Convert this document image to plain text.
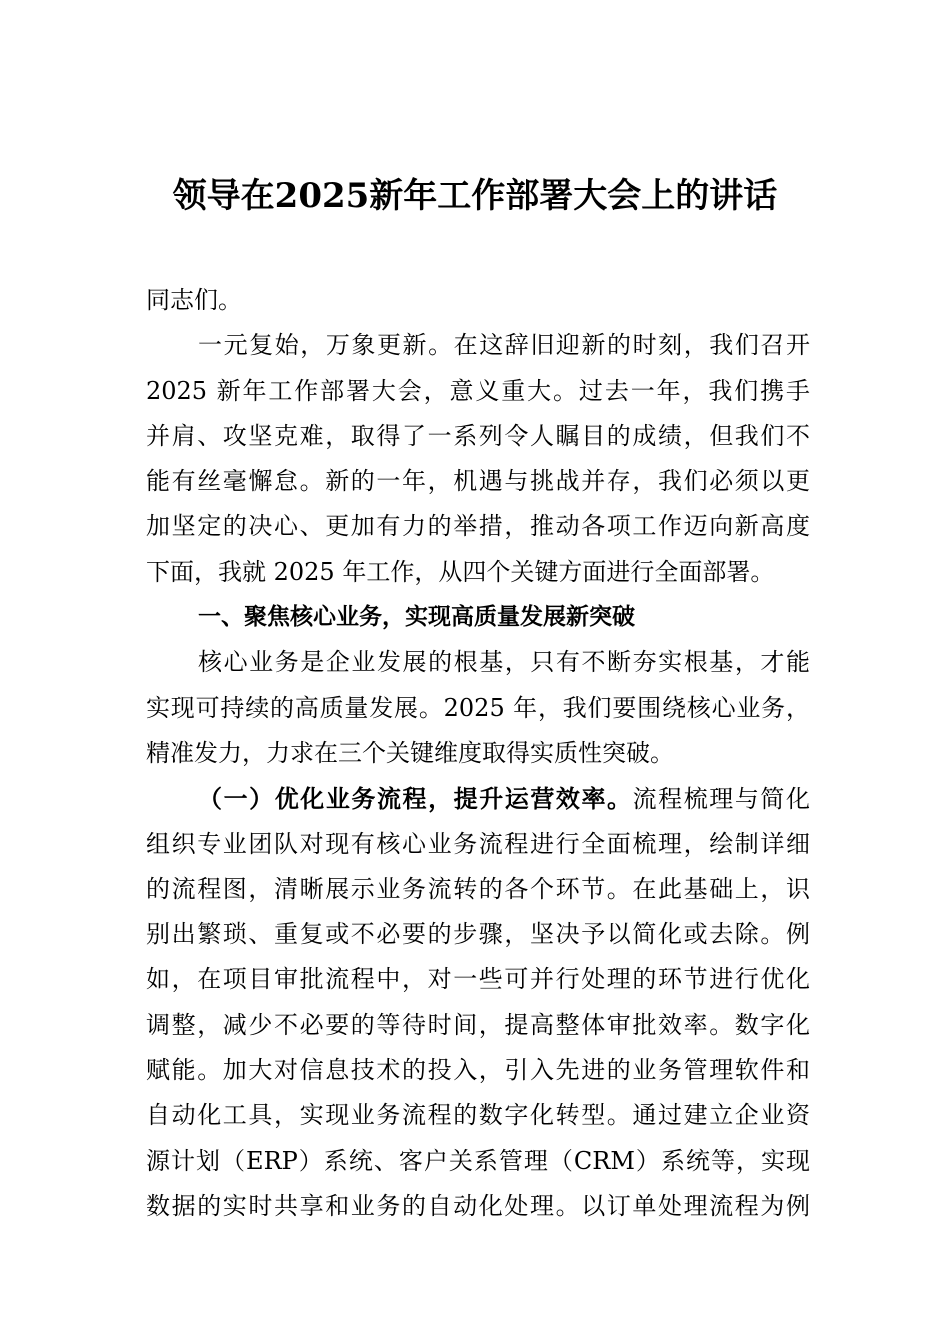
领导在2025新年工作部署大会上的讲话
同志们。
一元复始，万象更新。在这辞旧迎新的时刻，我们召开
2025 新年工作部署大会，意义重大。过去一年，我们携手
并肩、攻坚克难，取得了一系列令人瞩目的成绩，但我们不
能有丝毫懈怠。新的一年，机遇与挑战并存，我们必须以更
加坚定的决心、更加有力的举措，推动各项工作迈向新高度
下面，我就 2025 年工作，从四个关键方面进行全面部署。
一、聚焦核心业务，实现高质量发展新突破
核心业务是企业发展的根基，只有不断夯实根基，才能
实现可持续的高质量发展。2025 年，我们要围绕核心业务，
精准发力，力求在三个关键维度取得实质性突破。
（一）优化业务流程，提升运营效率。流程梳理与简化
组织专业团队对现有核心业务流程进行全面梳理，绘制详细
的流程图，清晰展示业务流转的各个环节。在此基础上，识
别出繁琐、重复或不必要的步骤，坚决予以简化或去除。例
如，在项目审批流程中，对一些可并行处理的环节进行优化
调整，减少不必要的等待时间，提高整体审批效率。数字化
赋能。加大对信息技术的投入，引入先进的业务管理软件和
自动化工具，实现业务流程的数字化转型。通过建立企业资
源计划（ERP）系统、客户关系管理（CRM）系统等，实现
数据的实时共享和业务的自动化处理。以订单处理流程为例
